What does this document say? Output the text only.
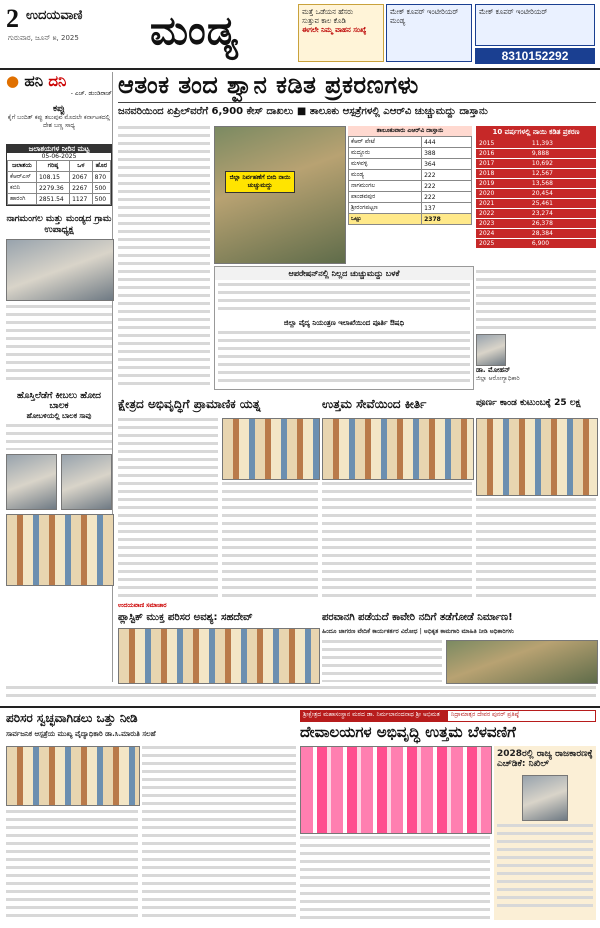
2 ಉದಯವಾಣಿ
ಗುರುವಾರ, ಜೂನ್ ೫, 2025 ಮಂಡ್ಯ	ಮತ್ತೆ ಒಡೆಯನ ಹೆಸರು
ಸುತ್ತುವ ಕಾಲ ಕೊಡಿ
ಈಗಲೇ ನಿಮ್ಮ ವಾಹನ ಸಂಖ್ಯೆ
ಮೇಕ್ ಕೂಪರ್ ಇಂಟೀರಿಯರ್
ಮಂಡ್ಯ
ಮೇಕ್ ಕೂಪರ್ ಇಂಟೀರಿಯರ್
8310152292
● ಹನಿ ದನಿ
- ಎಚ್. ಡುಂಡಿರಾಜ್
ಕಪ್ಪು
ಕೈಗೆ ಬಂದಿತ್ ಕಪ್ಪು ತಲುಪುವ ಮೊದಲೇ ಕರ್ನಾಟಕದಲ್ಲಿ ದೇಶ ಬಣ್ಣ ಸಾಧ್ಯ
ಜಲಾಶಯಗಳ ನೀರಿನ ಮಟ್ಟ
05-06-2025
ಜಲಾಶಯ	ಗರಿಷ್ಠ	ಒಳ	ಹೊರ
ಕೆಆರ್‌ಎಸ್	108.15	2067	870
ಕಬಿನಿ	2279.36	2267	500
ಹಾರಂಗಿ	2851.54	1127	500
ನಾಗಮಂಗಲ ಮತ್ತು ಮಂಡ್ಯದ ಗ್ರಾಮ ಉಪಾಧ್ಯಕ್ಷ
ಹೊಸ್ತಿಲೆಡೆಗೆ ಕೀಬಲು ಹೋದ ಬಾಲಕ
ಹೋಬಳಿಯಲ್ಲಿ ಬಾಲಕ ಸಾವು
ಆತಂಕ ತಂದ ಶ್ವಾನ ಕಡಿತ ಪ್ರಕರಣಗಳು
ಜನವರಿಯಿಂದ ಏಪ್ರಿಲ್‌ವರೆಗೆ 6,900 ಕೇಸ್ ದಾಖಲು ■ ತಾಲೂಕು ಆಸ್ಪತ್ರೆಗಳಲ್ಲಿ ಎಆರ್‌ವಿ ಚುಚ್ಚುಮದ್ದು ದಾಸ್ತಾನು
ಜಿಲ್ಲಾ ನಿರ್ವಹಣೆಗೆ ಬೀದಿ ನಾಯಿ ಚುಚ್ಚುಮದ್ದು
ತಾಲೂಕುವಾರು ಎಆರ್‌ವಿ ದಾಸ್ತಾನು
ಕೆಆರ್ ಪೇಟೆ	444
ಮದ್ದೂರು	388
ಮಳವಳ್ಳಿ	364
ಮಂಡ್ಯ	222
ನಾಗಮಂಗಲ	222
ಪಾಂಡವಪುರ	222
ಶ್ರೀರಂಗಪಟ್ಟಣ	137
ಒಟ್ಟು	2378
10 ವರ್ಷಗಳಲ್ಲಿ ನಾಯಿ ಕಡಿತ ಪ್ರಕರಣ
2015	11,393
2016	9,888
2017	10,692
2018	12,567
2019	13,568
2020	20,454
2021	25,461
2022	23,274
2023	26,378
2024	28,384
2025	6,900
ಆಪರೇಷನ್‌ನಲ್ಲಿ ನಿಲ್ಲದ ಚುಚ್ಚುಮದ್ದು ಬಳಕೆ
ಜಿಲ್ಲಾ ವೈದ್ಯ ನಿಯಂತ್ರಣ ಇಲಾಖೆಯಿಂದ ಪೂರ್ತಿ ಔಷಧಿ
ಡಾ. ಮೋಹನ್
ಜಿಲ್ಲಾ ಆರೋಗ್ಯಾಧಿಕಾರಿ
ಕ್ಷೇತ್ರದ ಅಭಿವೃದ್ಧಿಗೆ ಪ್ರಾಮಾಣಿಕ ಯತ್ನ	ಉತ್ತಮ ಸೇವೆಯಿಂದ ಕೀರ್ತಿ	ಪೂರ್ಣ ಕಾಂಡ ಕುಟುಂಬಕ್ಕೆ 25 ಲಕ್ಷ
ಉದಯವಾಣಿ ಸಮಾಚಾರ
ಪ್ಲಾಸ್ಟಿಕ್ ಮುಕ್ತ ಪರಿಸರ ಅವಶ್ಯ: ಸಹದೇವ್	ಪರವಾನಗಿ ಪಡೆಯದೆ ಕಾವೇರಿ ನದಿಗೆ ತಡೆಗೋಡೆ ನಿರ್ಮಾಣ!
ಹಿಂದೂ ಜಾಗರಣ ವೇದಿಕೆ ಕಾರ್ಯಕರ್ತರ ವಿರೋಧ | ಅಧಿಕೃತ ಕಾಮಗಾರಿ ಮಾಹಿತಿ ನೀಡಿ ಅಧಿಕಾರಿಗಳು
ಪರಿಸರ ಸ್ವಚ್ಛವಾಗಿಡಲು ಒತ್ತು ನೀಡಿ
ಸಾರ್ವಜನಿಕ ಆಸ್ಪತ್ರೆಯ ಮುಖ್ಯ ವೈದ್ಯಾಧಿಕಾರಿ ಡಾ.ಸಿ.ಮಾರುತಿ ಸಲಹೆ
ಶ್ರೀಕ್ಷೇತ್ರದ ಮಹಾಸಂಸ್ಥಾನ ಮಠದ ಡಾ. ನಿರ್ಮಲಾನಂದನಾಥ ಶ್ರೀ ಅಭಿಮತ	ನಿದ್ರಾಮಾತ್ಸರ ದೇವರ ಪುನರ್ ಪ್ರತಿಷ್ಠೆ
ದೇವಾಲಯಗಳ ಅಭಿವೃದ್ಧಿ ಉತ್ತಮ ಬೆಳವಣಿಗೆ
2028ರಲ್ಲಿ ರಾಜ್ಯ ರಾಜಕಾರಣಕ್ಕೆ ಎಚ್‌ಡಿಕೆ: ನಿಖಿಲ್
